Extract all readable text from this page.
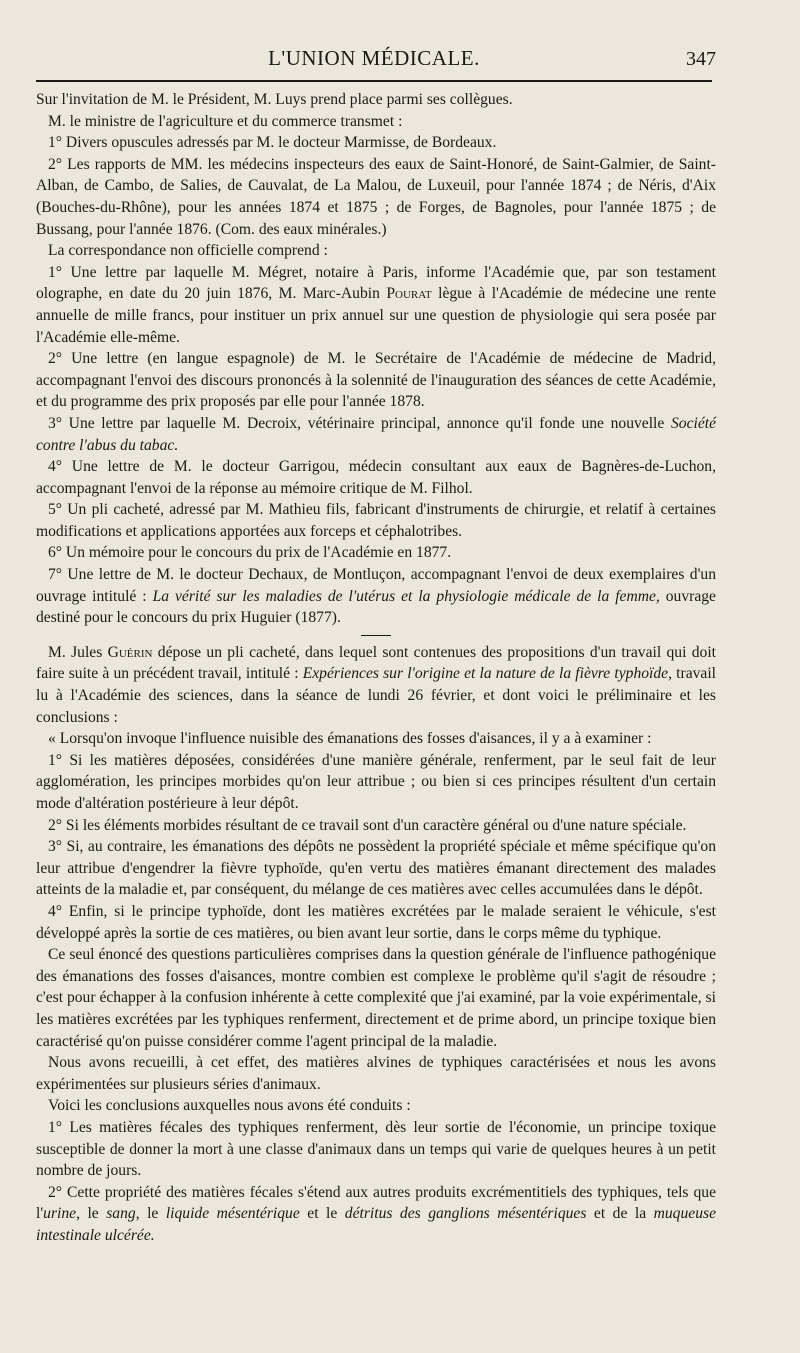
L'UNION MÉDICALE.	347

Sur l'invitation de M. le Président, M. Luys prend place parmi ses collègues.

M. le ministre de l'agriculture et du commerce transmet :

1° Divers opuscules adressés par M. le docteur Marmisse, de Bordeaux.

2° Les rapports de MM. les médecins inspecteurs des eaux de Saint-Honoré, de Saint-Galmier, de Saint-Alban, de Cambo, de Salies, de Cauvalat, de La Malou, de Luxeuil, pour l'année 1874 ; de Néris, d'Aix (Bouches-du-Rhône), pour les années 1874 et 1875 ; de Forges, de Bagnoles, pour l'année 1875 ; de Bussang, pour l'année 1876. (Com. des eaux minérales.)

La correspondance non officielle comprend :

1° Une lettre par laquelle M. Mégret, notaire à Paris, informe l'Académie que, par son testament olographe, en date du 20 juin 1876, M. Marc-Aubin Pourat lègue à l'Académie de médecine une rente annuelle de mille francs, pour instituer un prix annuel sur une question de physiologie qui sera posée par l'Académie elle-même.

2° Une lettre (en langue espagnole) de M. le Secrétaire de l'Académie de médecine de Madrid, accompagnant l'envoi des discours prononcés à la solennité de l'inauguration des séances de cette Académie, et du programme des prix proposés par elle pour l'année 1878.

3° Une lettre par laquelle M. Decroix, vétérinaire principal, annonce qu'il fonde une nouvelle Société contre l'abus du tabac.

4° Une lettre de M. le docteur Garrigou, médecin consultant aux eaux de Bagnères-de-Luchon, accompagnant l'envoi de la réponse au mémoire critique de M. Filhol.

5° Un pli cacheté, adressé par M. Mathieu fils, fabricant d'instruments de chirurgie, et relatif à certaines modifications et applications apportées aux forceps et céphalotribes.

6° Un mémoire pour le concours du prix de l'Académie en 1877.

7° Une lettre de M. le docteur Dechaux, de Montluçon, accompagnant l'envoi de deux exemplaires d'un ouvrage intitulé : La vérité sur les maladies de l'utérus et la physiologie médicale de la femme, ouvrage destiné pour le concours du prix Huguier (1877).

M. Jules Guérin dépose un pli cacheté, dans lequel sont contenues des propositions d'un travail qui doit faire suite à un précédent travail, intitulé : Expériences sur l'origine et la nature de la fièvre typhoïde, travail lu à l'Académie des sciences, dans la séance de lundi 26 février, et dont voici le préliminaire et les conclusions :

« Lorsqu'on invoque l'influence nuisible des émanations des fosses d'aisances, il y a à examiner :

1° Si les matières déposées, considérées d'une manière générale, renferment, par le seul fait de leur agglomération, les principes morbides qu'on leur attribue ; ou bien si ces principes résultent d'un certain mode d'altération postérieure à leur dépôt.

2° Si les éléments morbides résultant de ce travail sont d'un caractère général ou d'une nature spéciale.

3° Si, au contraire, les émanations des dépôts ne possèdent la propriété spéciale et même spécifique qu'on leur attribue d'engendrer la fièvre typhoïde, qu'en vertu des matières émanant directement des malades atteints de la maladie et, par conséquent, du mélange de ces matières avec celles accumulées dans le dépôt.

4° Enfin, si le principe typhoïde, dont les matières excrétées par le malade seraient le véhicule, s'est développé après la sortie de ces matières, ou bien avant leur sortie, dans le corps même du typhique.

Ce seul énoncé des questions particulières comprises dans la question générale de l'influence pathogénique des émanations des fosses d'aisances, montre combien est complexe le problème qu'il s'agit de résoudre ; c'est pour échapper à la confusion inhérente à cette complexité que j'ai examiné, par la voie expérimentale, si les matières excrétées par les typhiques renferment, directement et de prime abord, un principe toxique bien caractérisé qu'on puisse considérer comme l'agent principal de la maladie.

Nous avons recueilli, à cet effet, des matières alvines de typhiques caractérisées et nous les avons expérimentées sur plusieurs séries d'animaux.

Voici les conclusions auxquelles nous avons été conduits :

1° Les matières fécales des typhiques renferment, dès leur sortie de l'économie, un principe toxique susceptible de donner la mort à une classe d'animaux dans un temps qui varie de quelques heures à un petit nombre de jours.

2° Cette propriété des matières fécales s'étend aux autres produits excrémentitiels des typhiques, tels que l'urine, le sang, le liquide mésentérique et le détritus des ganglions mésentériques et de la muqueuse intestinale ulcérée.
